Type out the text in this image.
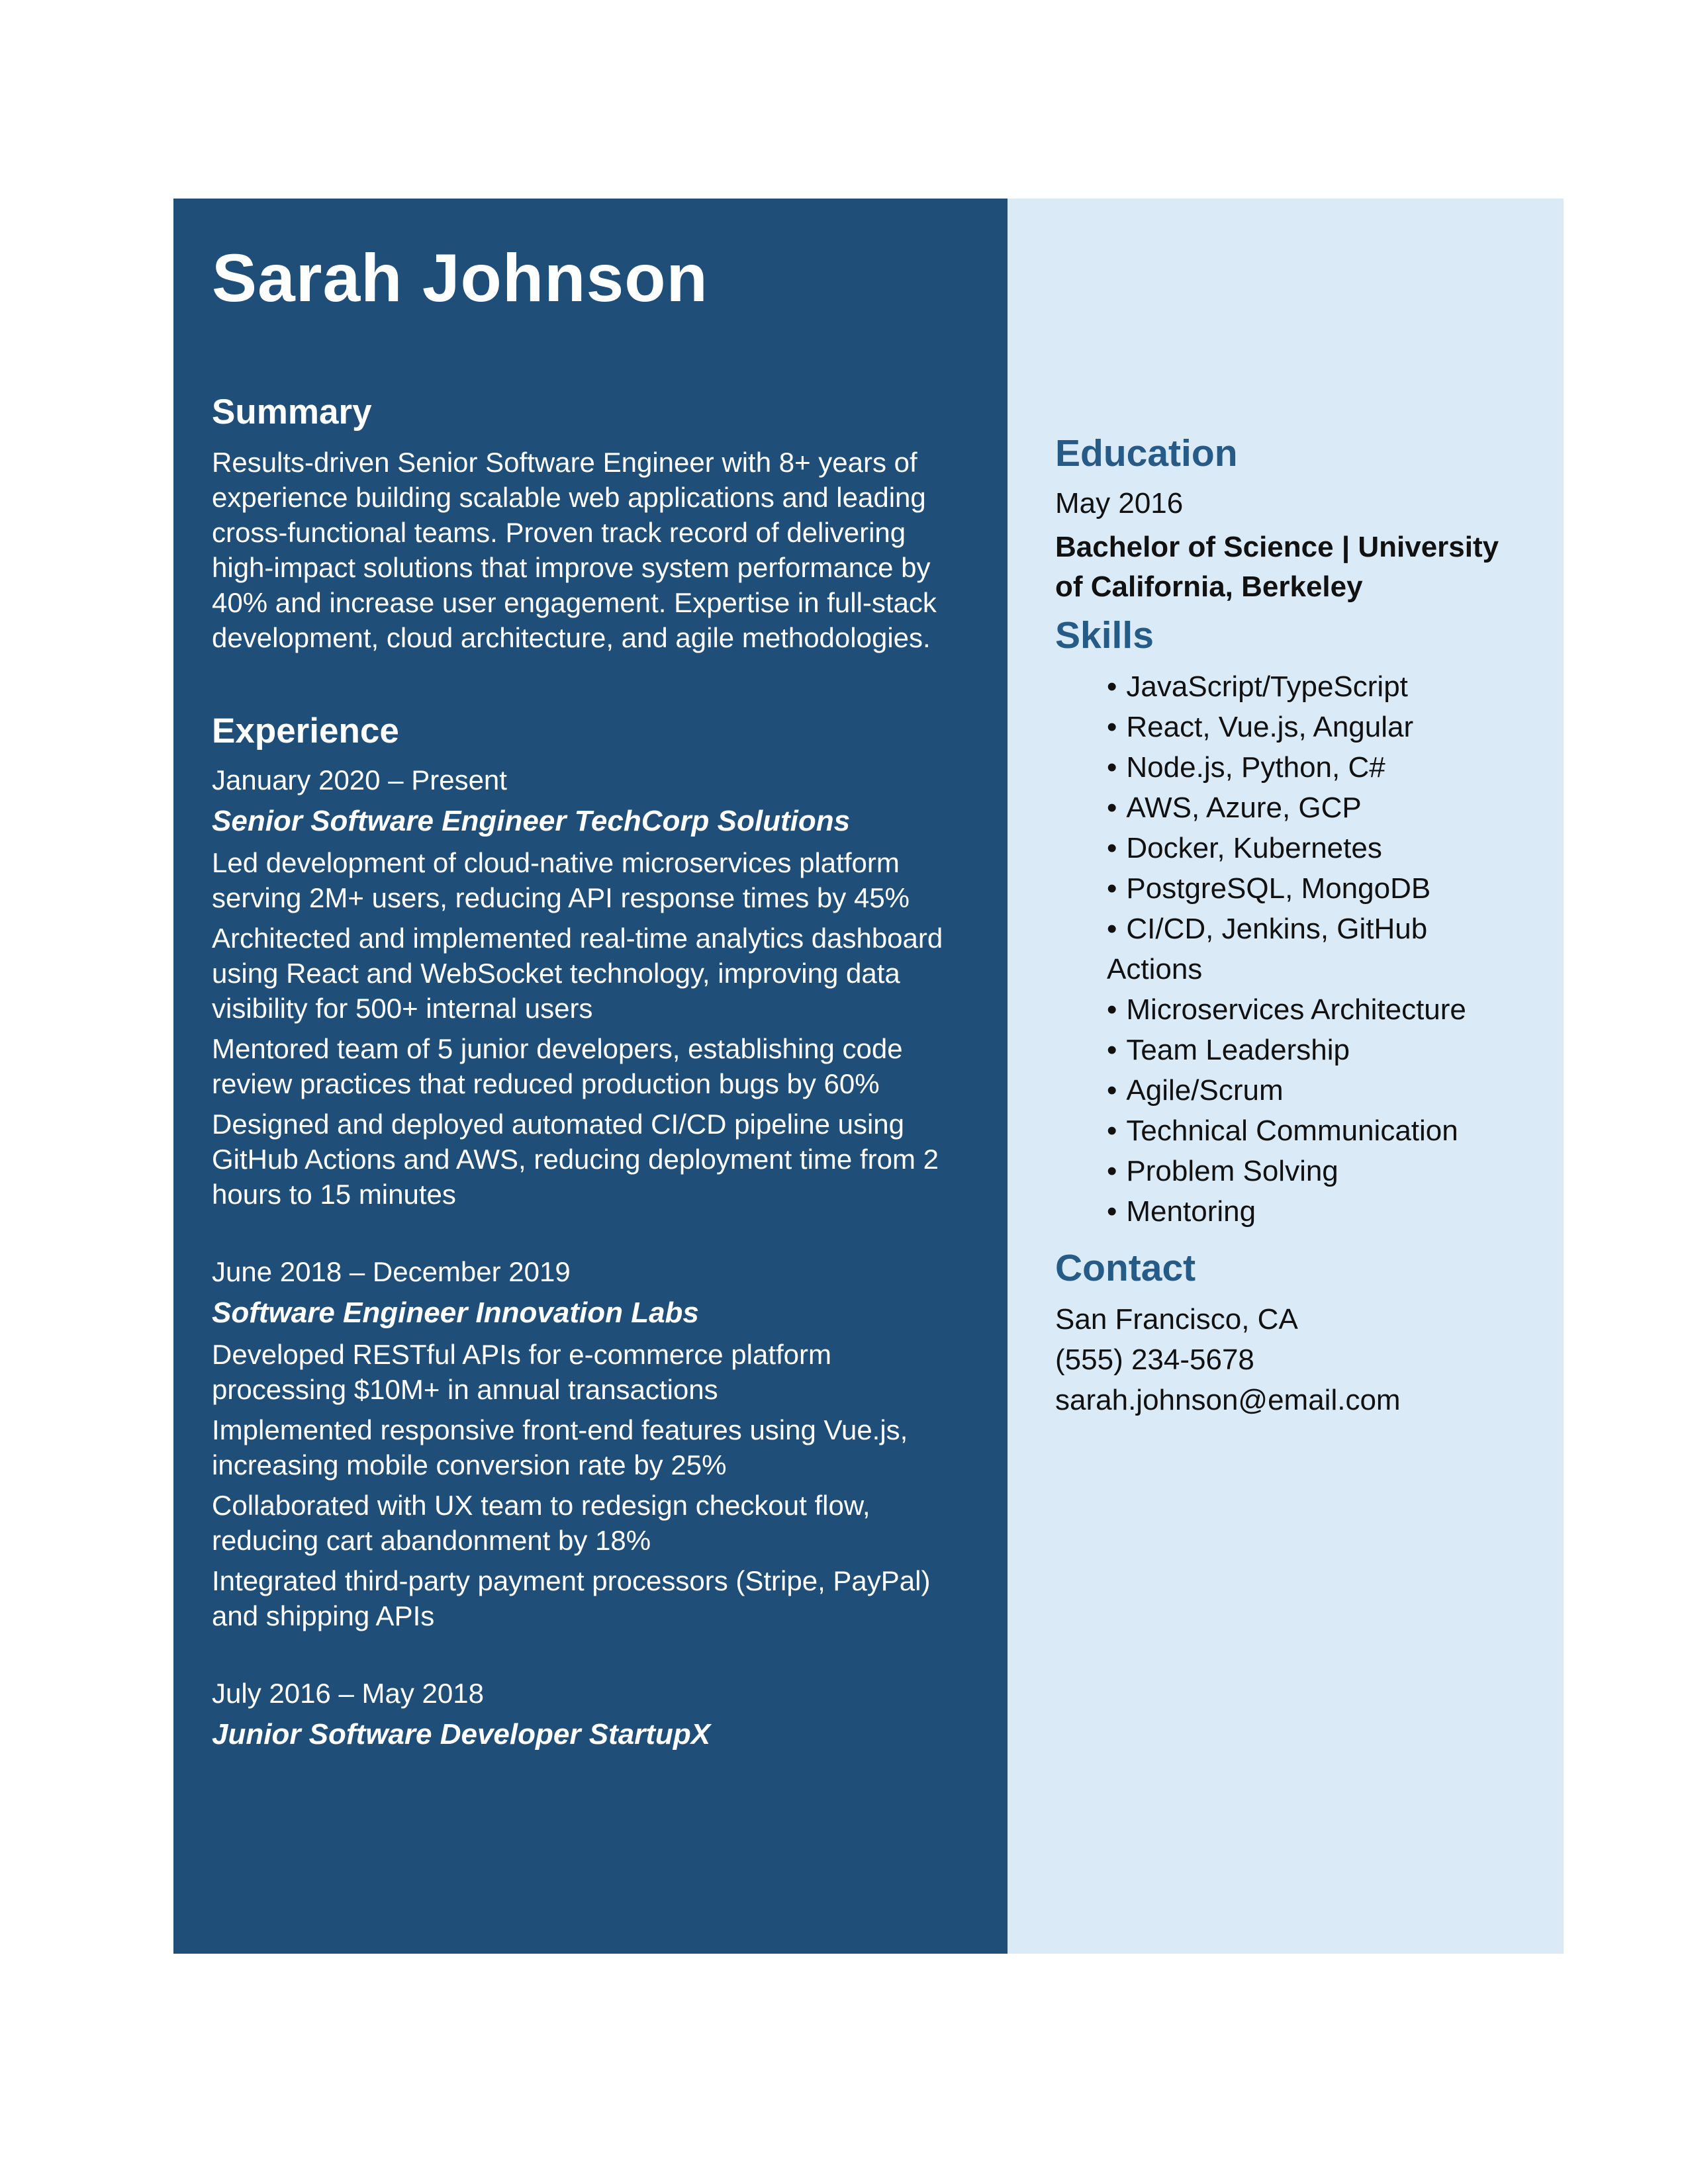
Sarah Johnson
Summary

Results-driven Senior Software Engineer with 8+ years of experience building scalable web applications and leading cross-functional teams. Proven track record of delivering high-impact solutions that improve system performance by 40% and increase user engagement. Expertise in full-stack development, cloud architecture, and agile methodologies.

Experience

January 2020 – Present

Senior Software Engineer TechCorp Solutions

Led development of cloud-native microservices platform serving 2M+ users, reducing API response times by 45%

Architected and implemented real-time analytics dashboard using React and WebSocket technology, improving data visibility for 500+ internal users

Mentored team of 5 junior developers, establishing code review practices that reduced production bugs by 60%

Designed and deployed automated CI/CD pipeline using GitHub Actions and AWS, reducing deployment time from 2 hours to 15 minutes

June 2018 – December 2019

Software Engineer Innovation Labs

Developed RESTful APIs for e-commerce platform processing $10M+ in annual transactions

Implemented responsive front-end features using Vue.js, increasing mobile conversion rate by 25%

Collaborated with UX team to redesign checkout flow, reducing cart abandonment by 18%

Integrated third-party payment processors (Stripe, PayPal) and shipping APIs

July 2016 – May 2018

Junior Software Developer StartupX

Education

May 2016

Bachelor of Science | University of California, Berkeley

Skills
• JavaScript/TypeScript
• React, Vue.js, Angular
• Node.js, Python, C#
• AWS, Azure, GCP
• Docker, Kubernetes
• PostgreSQL, MongoDB
• CI/CD, Jenkins, GitHub Actions
• Microservices Architecture
• Team Leadership
• Agile/Scrum
• Technical Communication
• Problem Solving
• Mentoring
Contact

San Francisco, CA

(555) 234-5678

sarah.johnson@email.com
